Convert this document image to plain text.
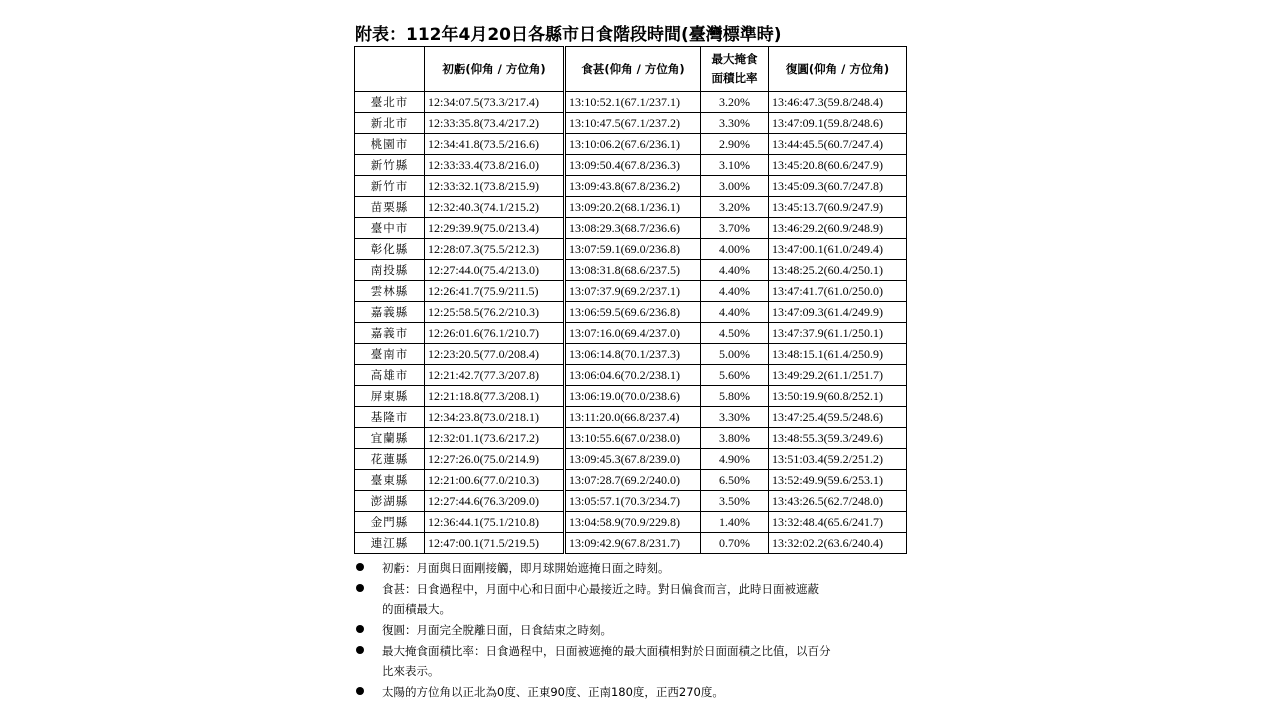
附表：112年4月20日各縣市日食階段時間(臺灣標準時)
	初虧(仰角 / 方位角)	食甚(仰角 / 方位角)	最大掩食
面積比率	復圓(仰角 / 方位角)
臺北市	12:34:07.5(73.3/217.4)	13:10:52.1(67.1/237.1)	3.20%	13:46:47.3(59.8/248.4)
新北市	12:33:35.8(73.4/217.2)	13:10:47.5(67.1/237.2)	3.30%	13:47:09.1(59.8/248.6)
桃園市	12:34:41.8(73.5/216.6)	13:10:06.2(67.6/236.1)	2.90%	13:44:45.5(60.7/247.4)
新竹縣	12:33:33.4(73.8/216.0)	13:09:50.4(67.8/236.3)	3.10%	13:45:20.8(60.6/247.9)
新竹市	12:33:32.1(73.8/215.9)	13:09:43.8(67.8/236.2)	3.00%	13:45:09.3(60.7/247.8)
苗栗縣	12:32:40.3(74.1/215.2)	13:09:20.2(68.1/236.1)	3.20%	13:45:13.7(60.9/247.9)
臺中市	12:29:39.9(75.0/213.4)	13:08:29.3(68.7/236.6)	3.70%	13:46:29.2(60.9/248.9)
彰化縣	12:28:07.3(75.5/212.3)	13:07:59.1(69.0/236.8)	4.00%	13:47:00.1(61.0/249.4)
南投縣	12:27:44.0(75.4/213.0)	13:08:31.8(68.6/237.5)	4.40%	13:48:25.2(60.4/250.1)
雲林縣	12:26:41.7(75.9/211.5)	13:07:37.9(69.2/237.1)	4.40%	13:47:41.7(61.0/250.0)
嘉義縣	12:25:58.5(76.2/210.3)	13:06:59.5(69.6/236.8)	4.40%	13:47:09.3(61.4/249.9)
嘉義市	12:26:01.6(76.1/210.7)	13:07:16.0(69.4/237.0)	4.50%	13:47:37.9(61.1/250.1)
臺南市	12:23:20.5(77.0/208.4)	13:06:14.8(70.1/237.3)	5.00%	13:48:15.1(61.4/250.9)
高雄市	12:21:42.7(77.3/207.8)	13:06:04.6(70.2/238.1)	5.60%	13:49:29.2(61.1/251.7)
屏東縣	12:21:18.8(77.3/208.1)	13:06:19.0(70.0/238.6)	5.80%	13:50:19.9(60.8/252.1)
基隆市	12:34:23.8(73.0/218.1)	13:11:20.0(66.8/237.4)	3.30%	13:47:25.4(59.5/248.6)
宜蘭縣	12:32:01.1(73.6/217.2)	13:10:55.6(67.0/238.0)	3.80%	13:48:55.3(59.3/249.6)
花蓮縣	12:27:26.0(75.0/214.9)	13:09:45.3(67.8/239.0)	4.90%	13:51:03.4(59.2/251.2)
臺東縣	12:21:00.6(77.0/210.3)	13:07:28.7(69.2/240.0)	6.50%	13:52:49.9(59.6/253.1)
澎湖縣	12:27:44.6(76.3/209.0)	13:05:57.1(70.3/234.7)	3.50%	13:43:26.5(62.7/248.0)
金門縣	12:36:44.1(75.1/210.8)	13:04:58.9(70.9/229.8)	1.40%	13:32:48.4(65.6/241.7)
連江縣	12:47:00.1(71.5/219.5)	13:09:42.9(67.8/231.7)	0.70%	13:32:02.2(63.6/240.4)
初虧：月面與日面剛接觸，即月球開始遮掩日面之時刻。
食甚：日食過程中，月面中心和日面中心最接近之時。對日偏食而言，此時日面被遮蔽
的面積最大。
復圓：月面完全脫離日面，日食結束之時刻。
最大掩食面積比率：日食過程中，日面被遮掩的最大面積相對於日面面積之比值，以百分
比來表示。
太陽的方位角以正北為0度、正東90度、正南180度，正西270度。
